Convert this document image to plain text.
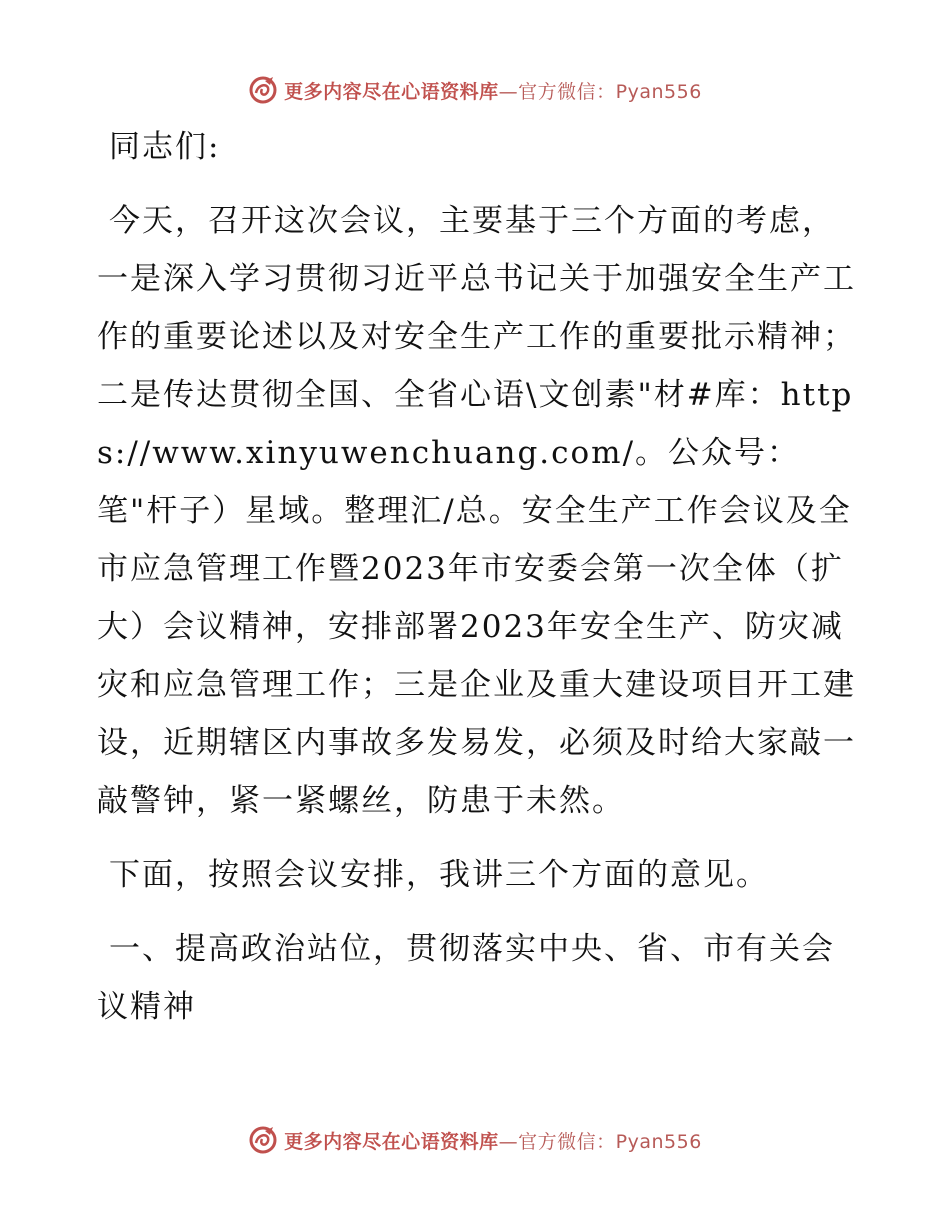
更多内容尽在心语资料库—官方微信：Pyan556

同志们:

今天，召开这次会议，主要基于三个方面的考虑，一是深入学习贯彻习近平总书记关于加强安全生产工作的重要论述以及对安全生产工作的重要批示精神；二是传达贯彻全国、全省心语\文创素"材#库：https://www.xinyuwenchuang.com/。公众号：笔"杆子）星域。整理汇/总。安全生产工作会议及全市应急管理工作暨2023年市安委会第一次全体（扩大）会议精神，安排部署2023年安全生产、防灾减灾和应急管理工作；三是企业及重大建设项目开工建设，近期辖区内事故多发易发，必须及时给大家敲一敲警钟，紧一紧螺丝，防患于未然。

下面，按照会议安排，我讲三个方面的意见。

一、提高政治站位，贯彻落实中央、省、市有关会议精神

更多内容尽在心语资料库—官方微信：Pyan556
